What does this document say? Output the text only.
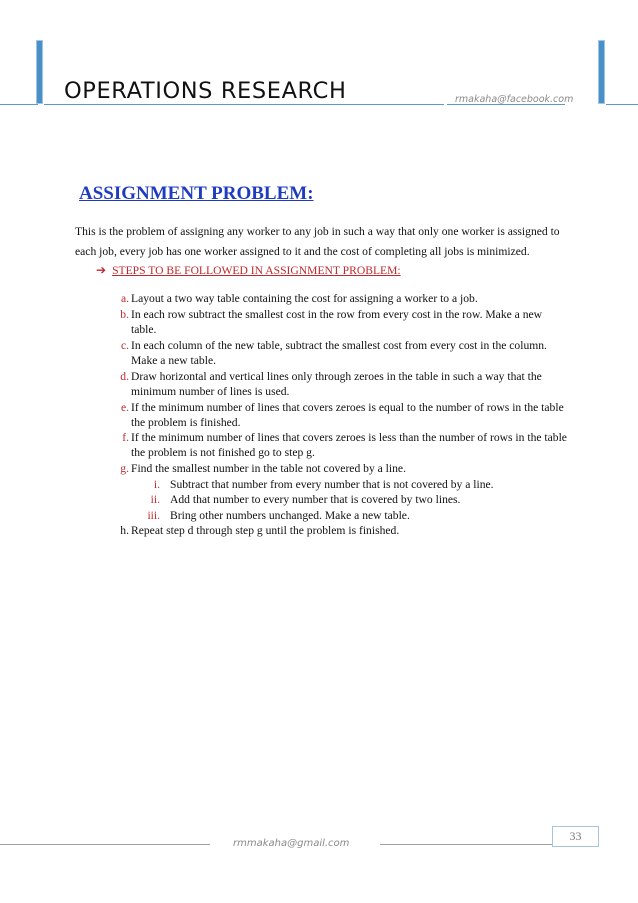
OPERATIONS RESEARCH	rmakaha@facebook.com
ASSIGNMENT PROBLEM:
This is the problem of assigning any worker to any job in such a way that only one worker is assigned to
each job, every job has one worker assigned to it and the cost of completing all jobs is minimized.
➔ STEPS TO BE FOLLOWED IN ASSIGNMENT PROBLEM:
a. Layout a two way table containing the cost for assigning a worker to a job.
b. In each row subtract the smallest cost in the row from every cost in the row. Make a new table.
c. In each column of the new table, subtract the smallest cost from every cost in the column. Make a new table.
d. Draw horizontal and vertical lines only through zeroes in the table in such a way that the minimum number of lines is used.
e. If the minimum number of lines that covers zeroes is equal to the number of rows in the table the problem is finished.
f. If the minimum number of lines that covers zeroes is less than the number of rows in the table the problem is not finished go to step g.
g. Find the smallest number in the table not covered by a line.
i. Subtract that number from every number that is not covered by a line.
ii. Add that number to every number that is covered by two lines.
iii. Bring other numbers unchanged. Make a new table.
h. Repeat step d through step g until the problem is finished.
rmmakaha@gmail.com
33
